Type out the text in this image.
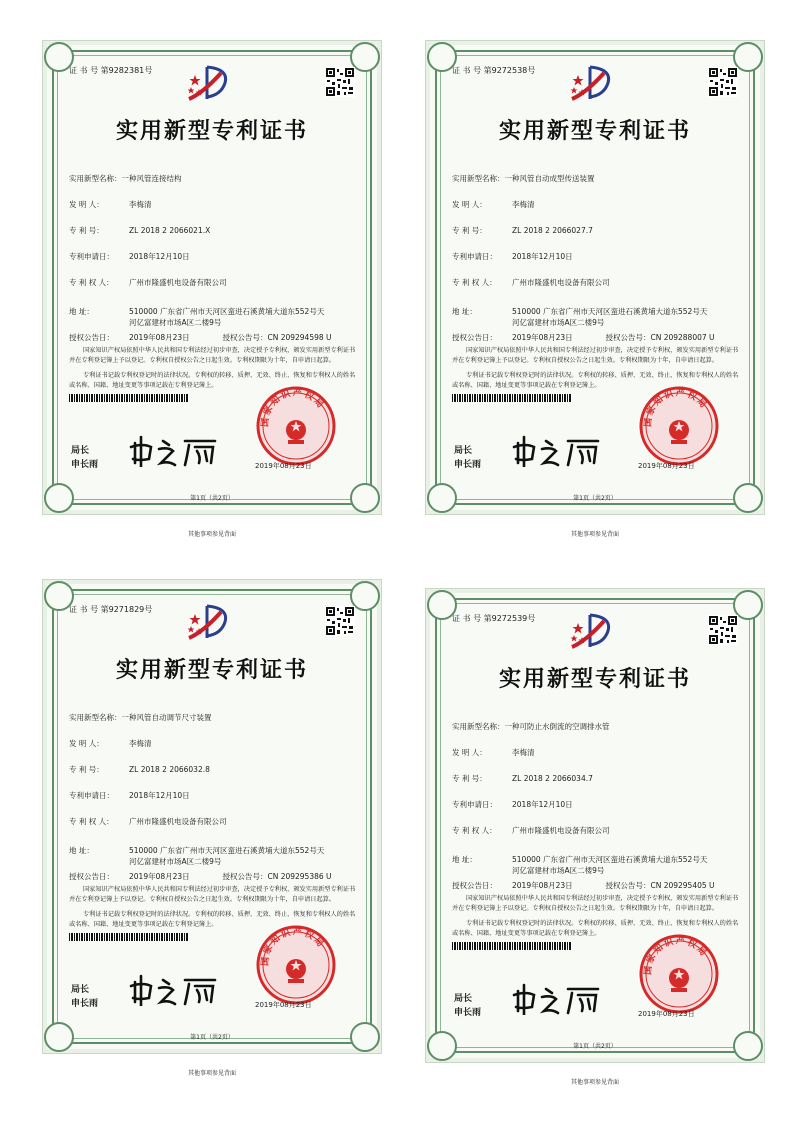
证 书 号 第9282381号
实用新型专利证书
实用新型名称：一种风管连接结构
发 明 人：	李梅清
专 利 号：	ZL 2018 2 2066021.X
专利申请日： 2018年12月10日
专 利 权 人： 广州市隆盛机电设备有限公司
地 址：	510000 广东省广州市天河区蛮进石溪黄埔大道东552号天
河亿富建材市场A区二楼9号
授权公告日： 2019年08月23日	授权公告号：CN 209294598 U
国家知识产权局依照中华人民共和国专利法经过初步审查，决定授予专利权，颁发实用新型专利证书并在专利登记簿上予以登记。专利权自授权公告之日起生效。专利权期限为十年，自申请日起算。
专利证书记载专利权登记时的法律状况。专利权的转移、质押、无效、终止、恢复和专利权人的姓名或名称、国籍、地址变更等事项记载在专利登记簿上。
局长
申长雨
国家知识产权局
2019年08月23日
第1页（共2页）
其他事项参见背面
证 书 号 第9272538号
实用新型专利证书
实用新型名称：一种风管自动成型传送装置
发 明 人：	李梅清
专 利 号：	ZL 2018 2 2066027.7
专利申请日： 2018年12月10日
专 利 权 人： 广州市隆盛机电设备有限公司
地 址：	510000 广东省广州市天河区蛮进石溪黄埔大道东552号天
河亿富建材市场A区二楼9号
授权公告日： 2019年08月23日	授权公告号：CN 209288007 U
国家知识产权局依照中华人民共和国专利法经过初步审查，决定授予专利权，颁发实用新型专利证书并在专利登记簿上予以登记。专利权自授权公告之日起生效。专利权期限为十年，自申请日起算。
专利证书记载专利权登记时的法律状况。专利权的转移、质押、无效、终止、恢复和专利权人的姓名或名称、国籍、地址变更等事项记载在专利登记簿上。
局长
申长雨
国家知识产权局
2019年08月23日
第1页（共2页）
其他事项参见背面
证 书 号 第9271829号
实用新型专利证书
实用新型名称：一种风管自动调节尺寸装置
发 明 人：	李梅清
专 利 号：	ZL 2018 2 2066032.8
专利申请日： 2018年12月10日
专 利 权 人： 广州市隆盛机电设备有限公司
地 址：	510000 广东省广州市天河区蛮进石溪黄埔大道东552号天
河亿富建材市场A区二楼9号
授权公告日： 2019年08月23日	授权公告号：CN 209295386 U
国家知识产权局依照中华人民共和国专利法经过初步审查，决定授予专利权，颁发实用新型专利证书并在专利登记簿上予以登记。专利权自授权公告之日起生效。专利权期限为十年，自申请日起算。
专利证书记载专利权登记时的法律状况。专利权的转移、质押、无效、终止、恢复和专利权人的姓名或名称、国籍、地址变更等事项记载在专利登记簿上。
局长
申长雨
国家知识产权局
2019年08月23日
第1页（共2页）
其他事项参见背面
证 书 号 第9272539号
实用新型专利证书
实用新型名称：一种可防止水倒流的空调排水管
发 明 人：	李梅清
专 利 号：	ZL 2018 2 2066034.7
专利申请日： 2018年12月10日
专 利 权 人： 广州市隆盛机电设备有限公司
地 址：	510000 广东省广州市天河区蛮进石溪黄埔大道东552号天
河亿富建材市场A区二楼9号
授权公告日： 2019年08月23日	授权公告号：CN 209295405 U
国家知识产权局依照中华人民共和国专利法经过初步审查，决定授予专利权，颁发实用新型专利证书并在专利登记簿上予以登记。专利权自授权公告之日起生效。专利权期限为十年，自申请日起算。
专利证书记载专利权登记时的法律状况。专利权的转移、质押、无效、终止、恢复和专利权人的姓名或名称、国籍、地址变更等事项记载在专利登记簿上。
局长
申长雨
国家知识产权局
2019年08月23日
第1页（共2页）
其他事项参见背面
